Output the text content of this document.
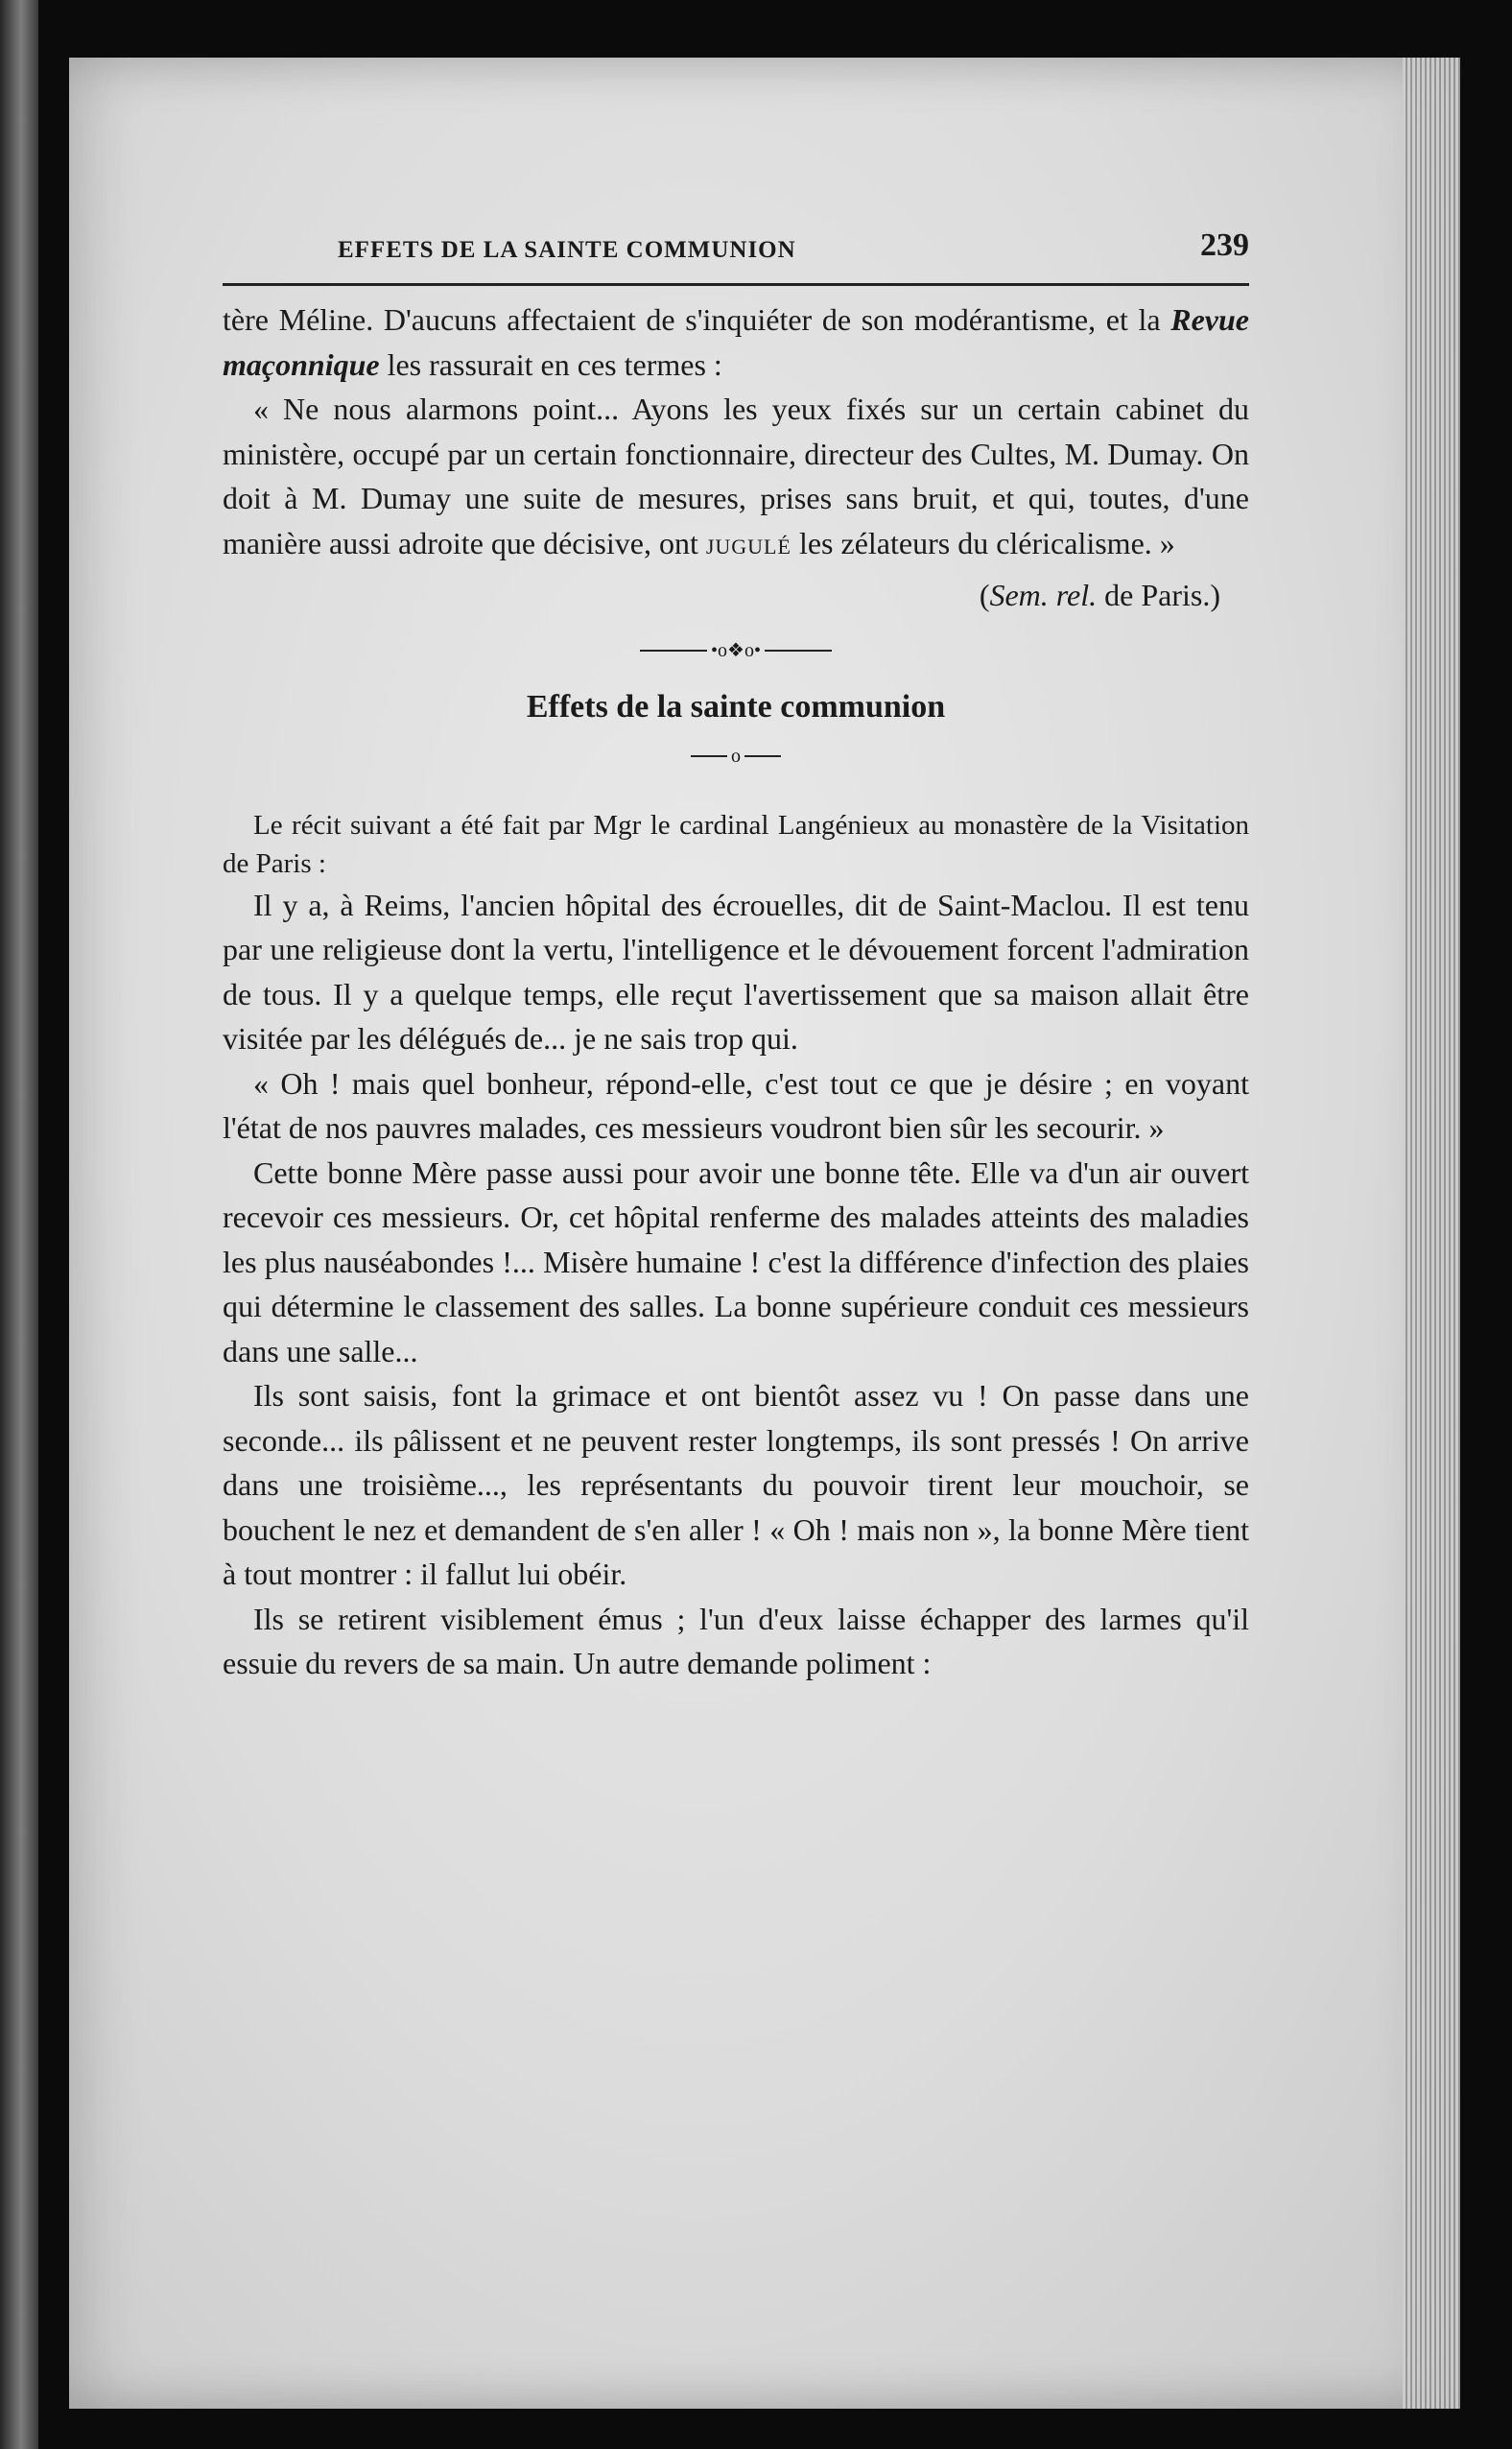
EFFETS DE LA SAINTE COMMUNION	239

tère Méline. D'aucuns affectaient de s'inquiéter de son modérantisme, et la Revue maçonnique les rassurait en ces termes :

« Ne nous alarmons point... Ayons les yeux fixés sur un certain cabinet du ministère, occupé par un certain fonctionnaire, directeur des Cultes, M. Dumay. On doit à M. Dumay une suite de mesures, prises sans bruit, et qui, toutes, d'une manière aussi adroite que décisive, ont jugulé les zélateurs du cléricalisme. »

(Sem. rel. de Paris.)

•o❖o•
Effets de la sainte communion
o

Le récit suivant a été fait par Mgr le cardinal Langénieux au monastère de la Visitation de Paris :

Il y a, à Reims, l'ancien hôpital des écrouelles, dit de Saint-Maclou. Il est tenu par une religieuse dont la vertu, l'intelligence et le dévouement forcent l'admiration de tous. Il y a quelque temps, elle reçut l'avertissement que sa maison allait être visitée par les délégués de... je ne sais trop qui.

« Oh ! mais quel bonheur, répond-elle, c'est tout ce que je désire ; en voyant l'état de nos pauvres malades, ces messieurs voudront bien sûr les secourir. »

Cette bonne Mère passe aussi pour avoir une bonne tête. Elle va d'un air ouvert recevoir ces messieurs. Or, cet hôpital renferme des malades atteints des maladies les plus nauséabondes !... Misère humaine ! c'est la différence d'infection des plaies qui détermine le classement des salles. La bonne supérieure conduit ces messieurs dans une salle...

Ils sont saisis, font la grimace et ont bientôt assez vu ! On passe dans une seconde... ils pâlissent et ne peuvent rester longtemps, ils sont pressés ! On arrive dans une troisième..., les représentants du pouvoir tirent leur mouchoir, se bouchent le nez et demandent de s'en aller ! « Oh ! mais non », la bonne Mère tient à tout montrer : il fallut lui obéir.

Ils se retirent visiblement émus ; l'un d'eux laisse échapper des larmes qu'il essuie du revers de sa main. Un autre demande poliment :
